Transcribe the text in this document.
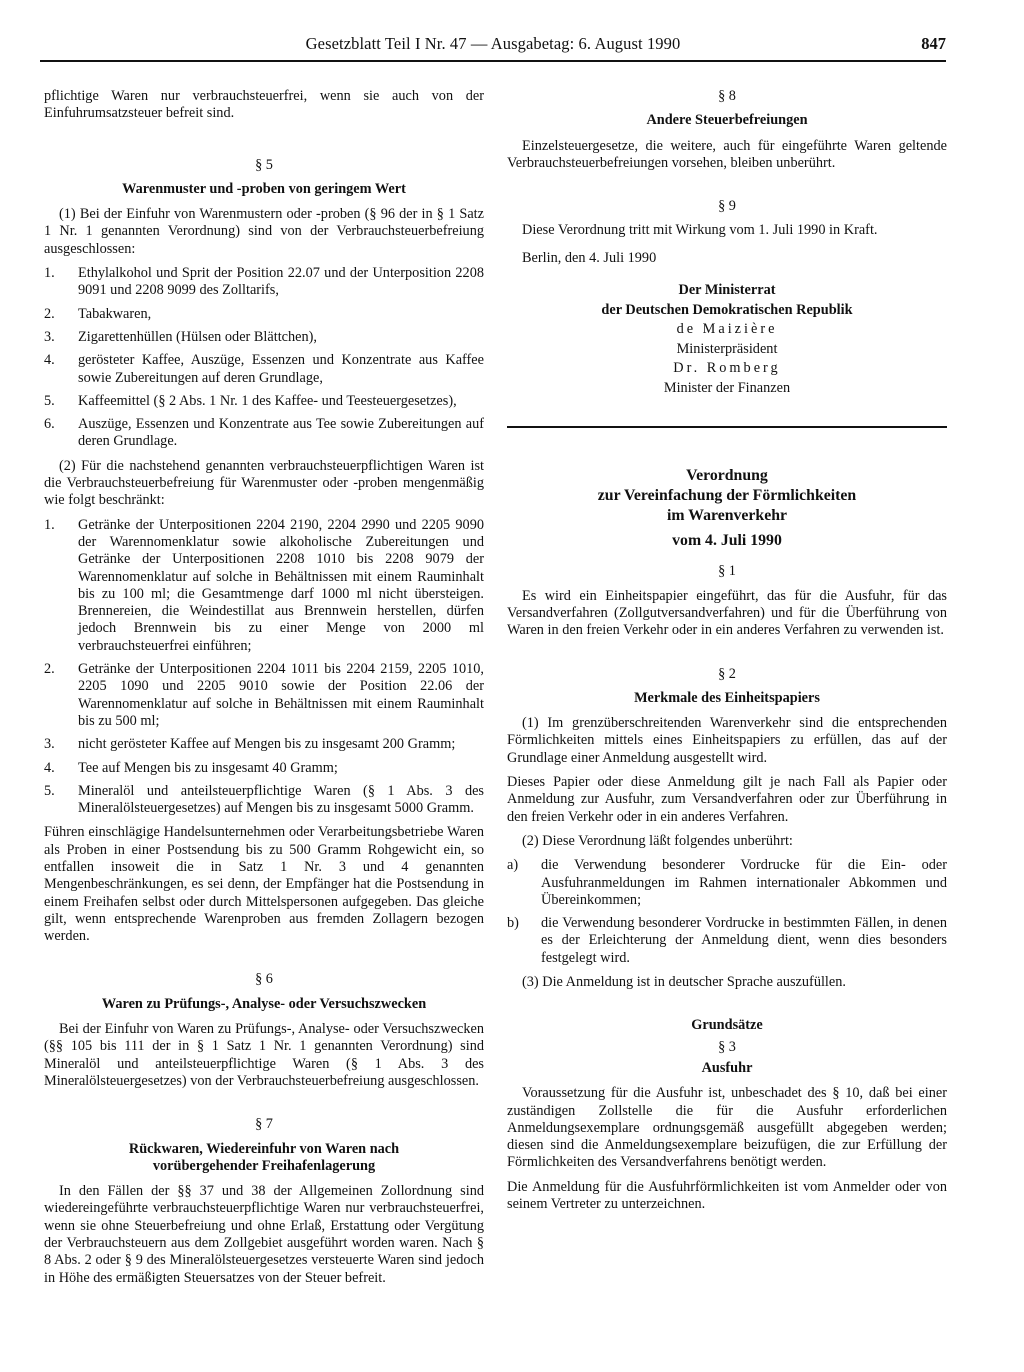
Gesetzblatt Teil I Nr. 47 — Ausgabetag: 6. August 1990	847

pflichtige Waren nur verbrauchsteuerfrei, wenn sie auch von der Einfuhrumsatzsteuer befreit sind.

§ 5
Warenmuster und -proben von geringem Wert

(1) Bei der Einfuhr von Warenmustern oder -proben (§ 96 der in § 1 Satz 1 Nr. 1 genannten Verordnung) sind von der Verbrauchsteuerbefreiung ausgeschlossen:

1. Ethylalkohol und Sprit der Position 22.07 und der Unterposition 2208 9091 und 2208 9099 des Zolltarifs,
2. Tabakwaren,
3. Zigarettenhüllen (Hülsen oder Blättchen),
4. gerösteter Kaffee, Auszüge, Essenzen und Konzentrate aus Kaffee sowie Zubereitungen auf deren Grundlage,
5. Kaffeemittel (§ 2 Abs. 1 Nr. 1 des Kaffee- und Teesteuergesetzes),
6. Auszüge, Essenzen und Konzentrate aus Tee sowie Zubereitungen auf deren Grundlage.

(2) Für die nachstehend genannten verbrauchsteuerpflichtigen Waren ist die Verbrauchsteuerbefreiung für Warenmuster oder -proben mengenmäßig wie folgt beschränkt:

1. Getränke der Unterpositionen 2204 2190, 2204 2990 und 2205 9090 der Warennomenklatur sowie alkoholische Zubereitungen und Getränke der Unterpositionen 2208 1010 bis 2208 9079 der Warennomenklatur auf solche in Behältnissen mit einem Rauminhalt bis zu 100 ml; die Gesamtmenge darf 1000 ml nicht übersteigen. Brennereien, die Weindestillat aus Brennwein herstellen, dürfen jedoch Brennwein bis zu einer Menge von 2000 ml verbrauchsteuerfrei einführen;
2. Getränke der Unterpositionen 2204 1011 bis 2204 2159, 2205 1010, 2205 1090 und 2205 9010 sowie der Position 22.06 der Warennomenklatur auf solche in Behältnissen mit einem Rauminhalt bis zu 500 ml;
3. nicht gerösteter Kaffee auf Mengen bis zu insgesamt 200 Gramm;
4. Tee auf Mengen bis zu insgesamt 40 Gramm;
5. Mineralöl und anteilsteuerpflichtige Waren (§ 1 Abs. 3 des Mineralölsteuergesetzes) auf Mengen bis zu insgesamt 5000 Gramm.

Führen einschlägige Handelsunternehmen oder Verarbeitungsbetriebe Waren als Proben in einer Postsendung bis zu 500 Gramm Rohgewicht ein, so entfallen insoweit die in Satz 1 Nr. 3 und 4 genannten Mengenbeschränkungen, es sei denn, der Empfänger hat die Postsendung in einem Freihafen selbst oder durch Mittelspersonen aufgegeben. Das gleiche gilt, wenn entsprechende Warenproben aus fremden Zollagern bezogen werden.

§ 6
Waren zu Prüfungs-, Analyse- oder Versuchszwecken

Bei der Einfuhr von Waren zu Prüfungs-, Analyse- oder Versuchszwecken (§§ 105 bis 111 der in § 1 Satz 1 Nr. 1 genannten Verordnung) sind Mineralöl und anteilsteuerpflichtige Waren (§ 1 Abs. 3 des Mineralölsteuergesetzes) von der Verbrauchsteuerbefreiung ausgeschlossen.

§ 7
Rückwaren, Wiedereinfuhr von Waren nach
vorübergehender Freihafenlagerung

In den Fällen der §§ 37 und 38 der Allgemeinen Zollordnung sind wiedereingeführte verbrauchsteuerpflichtige Waren nur verbrauchsteuerfrei, wenn sie ohne Steuerbefreiung und ohne Erlaß, Erstattung oder Vergütung der Verbrauchsteuern aus dem Zollgebiet ausgeführt worden waren. Nach § 8 Abs. 2 oder § 9 des Mineralölsteuergesetzes versteuerte Waren sind jedoch in Höhe des ermäßigten Steuersatzes von der Steuer befreit.

§ 8
Andere Steuerbefreiungen

Einzelsteuergesetze, die weitere, auch für eingeführte Waren geltende Verbrauchsteuerbefreiungen vorsehen, bleiben unberührt.

§ 9

Diese Verordnung tritt mit Wirkung vom 1. Juli 1990 in Kraft.

Berlin, den 4. Juli 1990

Der Ministerrat
der Deutschen Demokratischen Republik
de Maizière
Ministerpräsident
Dr. Romberg
Minister der Finanzen
Verordnung
zur Vereinfachung der Förmlichkeiten
im Warenverkehr
vom 4. Juli 1990
§ 1

Es wird ein Einheitspapier eingeführt, das für die Ausfuhr, für das Versandverfahren (Zollgutversandverfahren) und für die Überführung von Waren in den freien Verkehr oder in ein anderes Verfahren zu verwenden ist.

§ 2
Merkmale des Einheitspapiers

(1) Im grenzüberschreitenden Warenverkehr sind die entsprechenden Förmlichkeiten mittels eines Einheitspapiers zu erfüllen, das auf der Grundlage einer Anmeldung ausgestellt wird.

Dieses Papier oder diese Anmeldung gilt je nach Fall als Papier oder Anmeldung zur Ausfuhr, zum Versandverfahren oder zur Überführung in den freien Verkehr oder in ein anderes Verfahren.

(2) Diese Verordnung läßt folgendes unberührt:

a) die Verwendung besonderer Vordrucke für die Ein- oder Ausfuhranmeldungen im Rahmen internationaler Abkommen und Übereinkommen;
b) die Verwendung besonderer Vordrucke in bestimmten Fällen, in denen es der Erleichterung der Anmeldung dient, wenn dies besonders festgelegt wird.

(3) Die Anmeldung ist in deutscher Sprache auszufüllen.

Grundsätze
§ 3
Ausfuhr

Voraussetzung für die Ausfuhr ist, unbeschadet des § 10, daß bei einer zuständigen Zollstelle die für die Ausfuhr erforderlichen Anmeldungsexemplare ordnungsgemäß ausgefüllt abgegeben werden; diesen sind die Anmeldungsexemplare beizufügen, die zur Erfüllung der Förmlichkeiten des Versandverfahrens benötigt werden.

Die Anmeldung für die Ausfuhrförmlichkeiten ist vom Anmelder oder von seinem Vertreter zu unterzeichnen.
